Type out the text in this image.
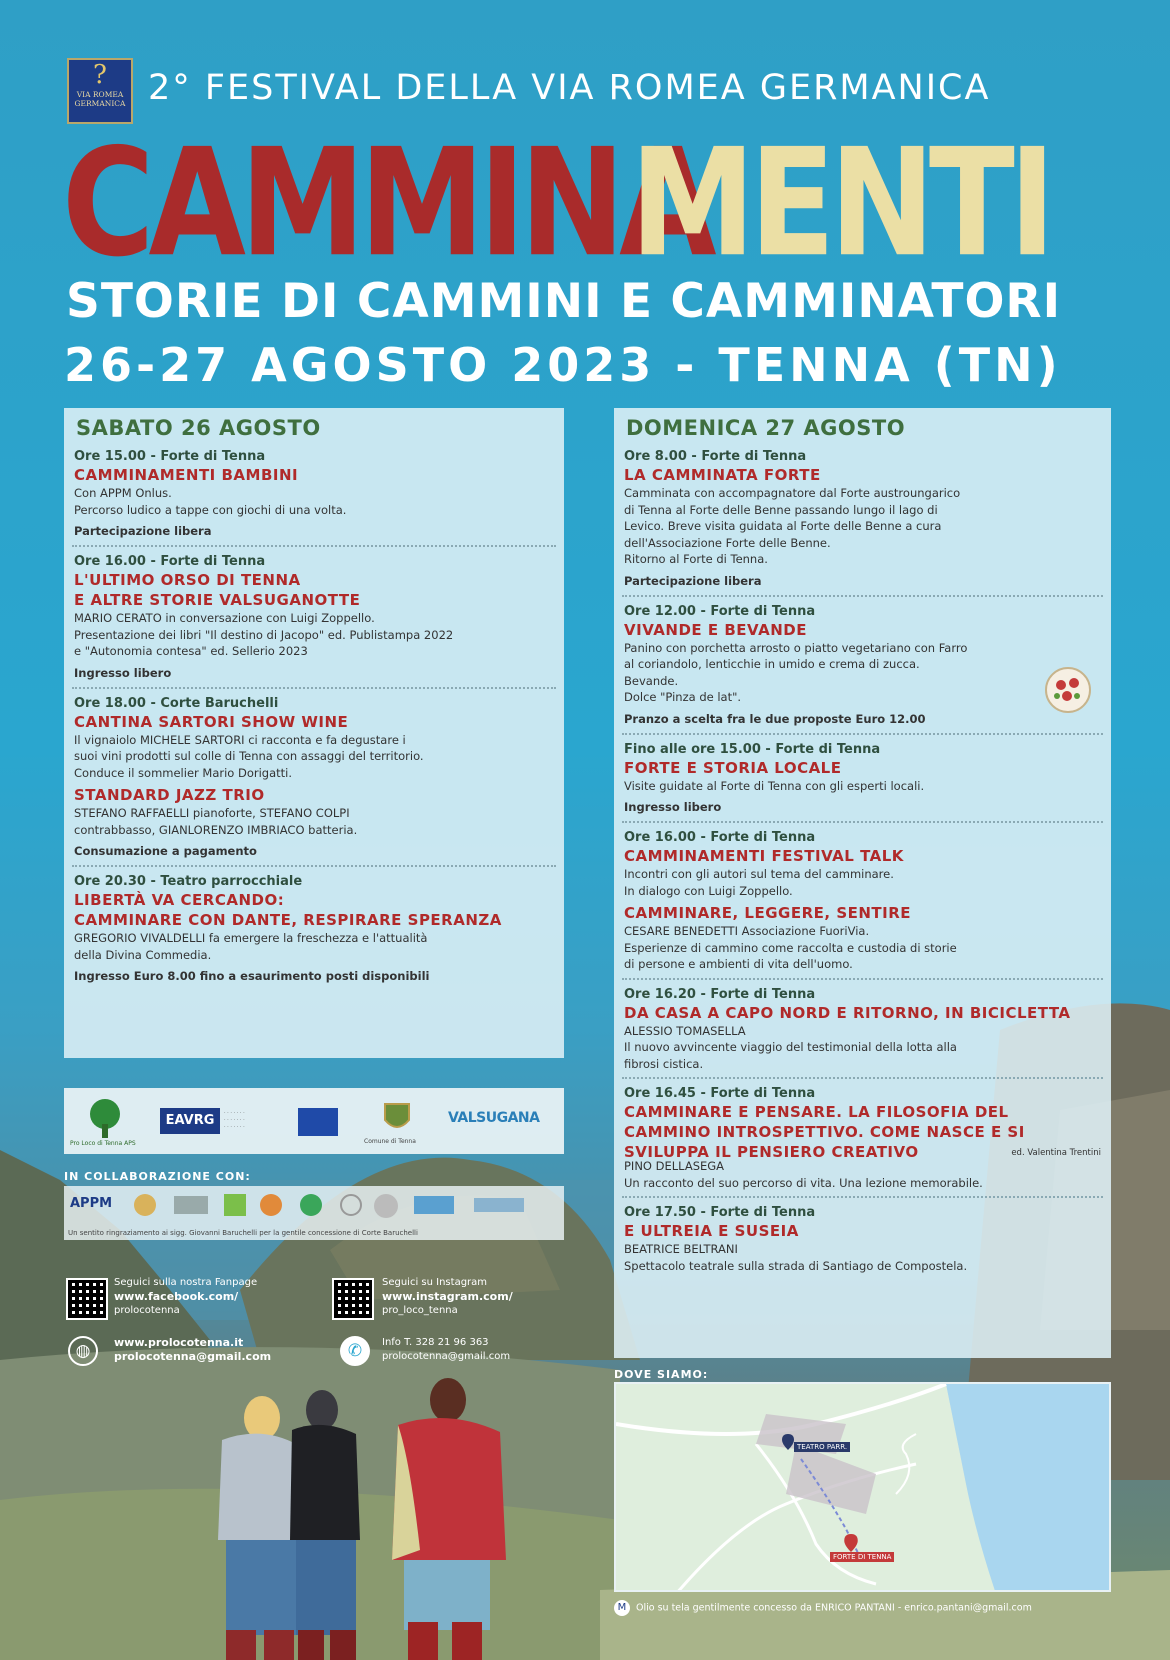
?
VIA ROMEA GERMANICA 2° FESTIVAL DELLA VIA ROMEA GERMANICA
CAMMINA
MENTI
STORIE DI CAMMINI E CAMMINATORI
26-27 AGOSTO 2023 - TENNA (TN)
SABATO 26 AGOSTO
Ore 15.00 - Forte di Tenna
CAMMINAMENTI BAMBINI
Con APPM Onlus.
Percorso ludico a tappe con giochi di una volta.
Partecipazione libera
Ore 16.00 - Forte di Tenna
L'ULTIMO ORSO DI TENNA
E ALTRE STORIE VALSUGANOTTE
MARIO CERATO in conversazione con Luigi Zoppello.
Presentazione dei libri "Il destino di Jacopo" ed. Publistampa 2022
e "Autonomia contesa" ed. Sellerio 2023
Ingresso libero
Ore 18.00 - Corte Baruchelli
CANTINA SARTORI SHOW WINE
Il vignaiolo MICHELE SARTORI ci racconta e fa degustare i
suoi vini prodotti sul colle di Tenna con assaggi del territorio.
Conduce il sommelier Mario Dorigatti.
STANDARD JAZZ TRIO
STEFANO RAFFAELLI pianoforte, STEFANO COLPI
contrabbasso, GIANLORENZO IMBRIACO batteria.
Consumazione a pagamento
Ore 20.30 - Teatro parrocchiale
LIBERTÀ VA CERCANDO:
CAMMINARE CON DANTE, RESPIRARE SPERANZA
GREGORIO VIVALDELLI fa emergere la freschezza e l'attualità
della Divina Commedia.
Ingresso Euro 8.00 fino a esaurimento posti disponibili
DOMENICA 27 AGOSTO
Ore 8.00 - Forte di Tenna
LA CAMMINATA FORTE
Camminata con accompagnatore dal Forte austroungarico
di Tenna al Forte delle Benne passando lungo il lago di
Levico. Breve visita guidata al Forte delle Benne a cura
dell'Associazione Forte delle Benne.
Ritorno al Forte di Tenna.
Partecipazione libera
Ore 12.00 - Forte di Tenna
VIVANDE E BEVANDE
Panino con porchetta arrosto o piatto vegetariano con Farro
al coriandolo, lenticchie in umido e crema di zucca.
Bevande.
Dolce "Pinza de lat".
Pranzo a scelta fra le due proposte Euro 12.00
Fino alle ore 15.00 - Forte di Tenna
FORTE E STORIA LOCALE
Visite guidate al Forte di Tenna con gli esperti locali.
Ingresso libero
Ore 16.00 - Forte di Tenna
CAMMINAMENTI FESTIVAL TALK
Incontri con gli autori sul tema del camminare.
In dialogo con Luigi Zoppello.
CAMMINARE, LEGGERE, SENTIRE
CESARE BENEDETTI Associazione FuoriVia.
Esperienze di cammino come raccolta e custodia di storie
di persone e ambienti di vita dell'uomo.
Ore 16.20 - Forte di Tenna
DA CASA A CAPO NORD E RITORNO, IN BICICLETTA
ALESSIO TOMASELLA
Il nuovo avvincente viaggio del testimonial della lotta alla
fibrosi cistica.
Ore 16.45 - Forte di Tenna
CAMMINARE E PENSARE. LA FILOSOFIA DEL
CAMMINO INTROSPETTIVO. COME NASCE E SI
SVILUPPA IL PENSIERO CREATIVO	ed. Valentina Trentini
PINO DELLASEGA
Un racconto del suo percorso di vita. Una lezione memorabile.
Ore 17.50 - Forte di Tenna
E ULTREIA E SUSEIA
BEATRICE BELTRANI
Spettacolo teatrale sulla strada di Santiago de Compostela.
Pro Loco di Tenna APS
EAVRG	· · · · · · ·
· · · · · · ·
· · · · · · ·
Comune di Tenna
VALSUGANA
IN COLLABORAZIONE CON:
APPM
Un sentito ringraziamento ai sigg. Giovanni Baruchelli per la gentile concessione di Corte Baruchelli
Seguici sulla nostra Fanpage
www.facebook.com/
prolocotenna
Seguici su Instagram
www.instagram.com/
pro_loco_tenna
◍	www.prolocotenna.it
prolocotenna@gmail.com	✆	Info T. 328 21 96 363
prolocotenna@gmail.com
DOVE SIAMO:
TEATRO PARR.
FORTE DI TENNA
M Olio su tela gentilmente concesso da ENRICO PANTANI - enrico.pantani@gmail.com
